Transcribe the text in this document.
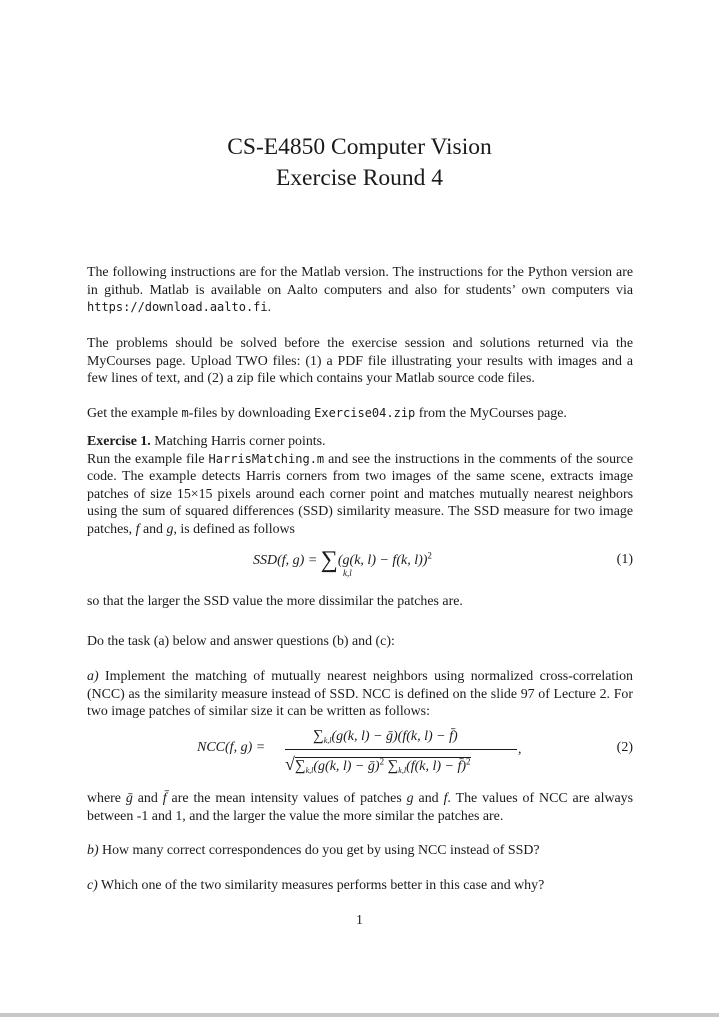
CS-E4850 Computer Vision
Exercise Round 4
The following instructions are for the Matlab version. The instructions for the Python version are in github. Matlab is available on Aalto computers and also for students’ own computers via https://download.aalto.fi.
The problems should be solved before the exercise session and solutions returned via the MyCourses page. Upload TWO files: (1) a PDF file illustrating your results with images and a few lines of text, and (2) a zip file which contains your Matlab source code files.
Get the example m-files by downloading Exercise04.zip from the MyCourses page.
Exercise 1. Matching Harris corner points.
Run the example file HarrisMatching.m and see the instructions in the comments of the source code. The example detects Harris corners from two images of the same scene, extracts image patches of size 15×15 pixels around each corner point and matches mutually nearest neighbors using the sum of squared differences (SSD) similarity measure. The SSD measure for two image patches, f and g, is defined as follows
SSD(f, g) = ∑(g(k, l) − f(k, l))$^2$
k,l
(1)
so that the larger the SSD value the more dissimilar the patches are.
Do the task (a) below and answer questions (b) and (c):
a) Implement the matching of mutually nearest neighbors using normalized cross-correlation (NCC) as the similarity measure instead of SSD. NCC is defined on the slide 97 of Lecture 2. For two image patches of similar size it can be written as follows:
NCC(f, g) =
$\sum_{k,l}(g(k$, l) − ḡ)(f(k, l) − f̄)
$√\sum_{k,l}(g(k$, l) − ḡ)$^2$ $\sum_{k,l}(f(k$, l) − f̄)$^2$
,	(2)
where ḡ and f̄ are the mean intensity values of patches g and f. The values of NCC are always between -1 and 1, and the larger the value the more similar the patches are.
b) How many correct correspondences do you get by using NCC instead of SSD?
c) Which one of the two similarity measures performs better in this case and why?
1
